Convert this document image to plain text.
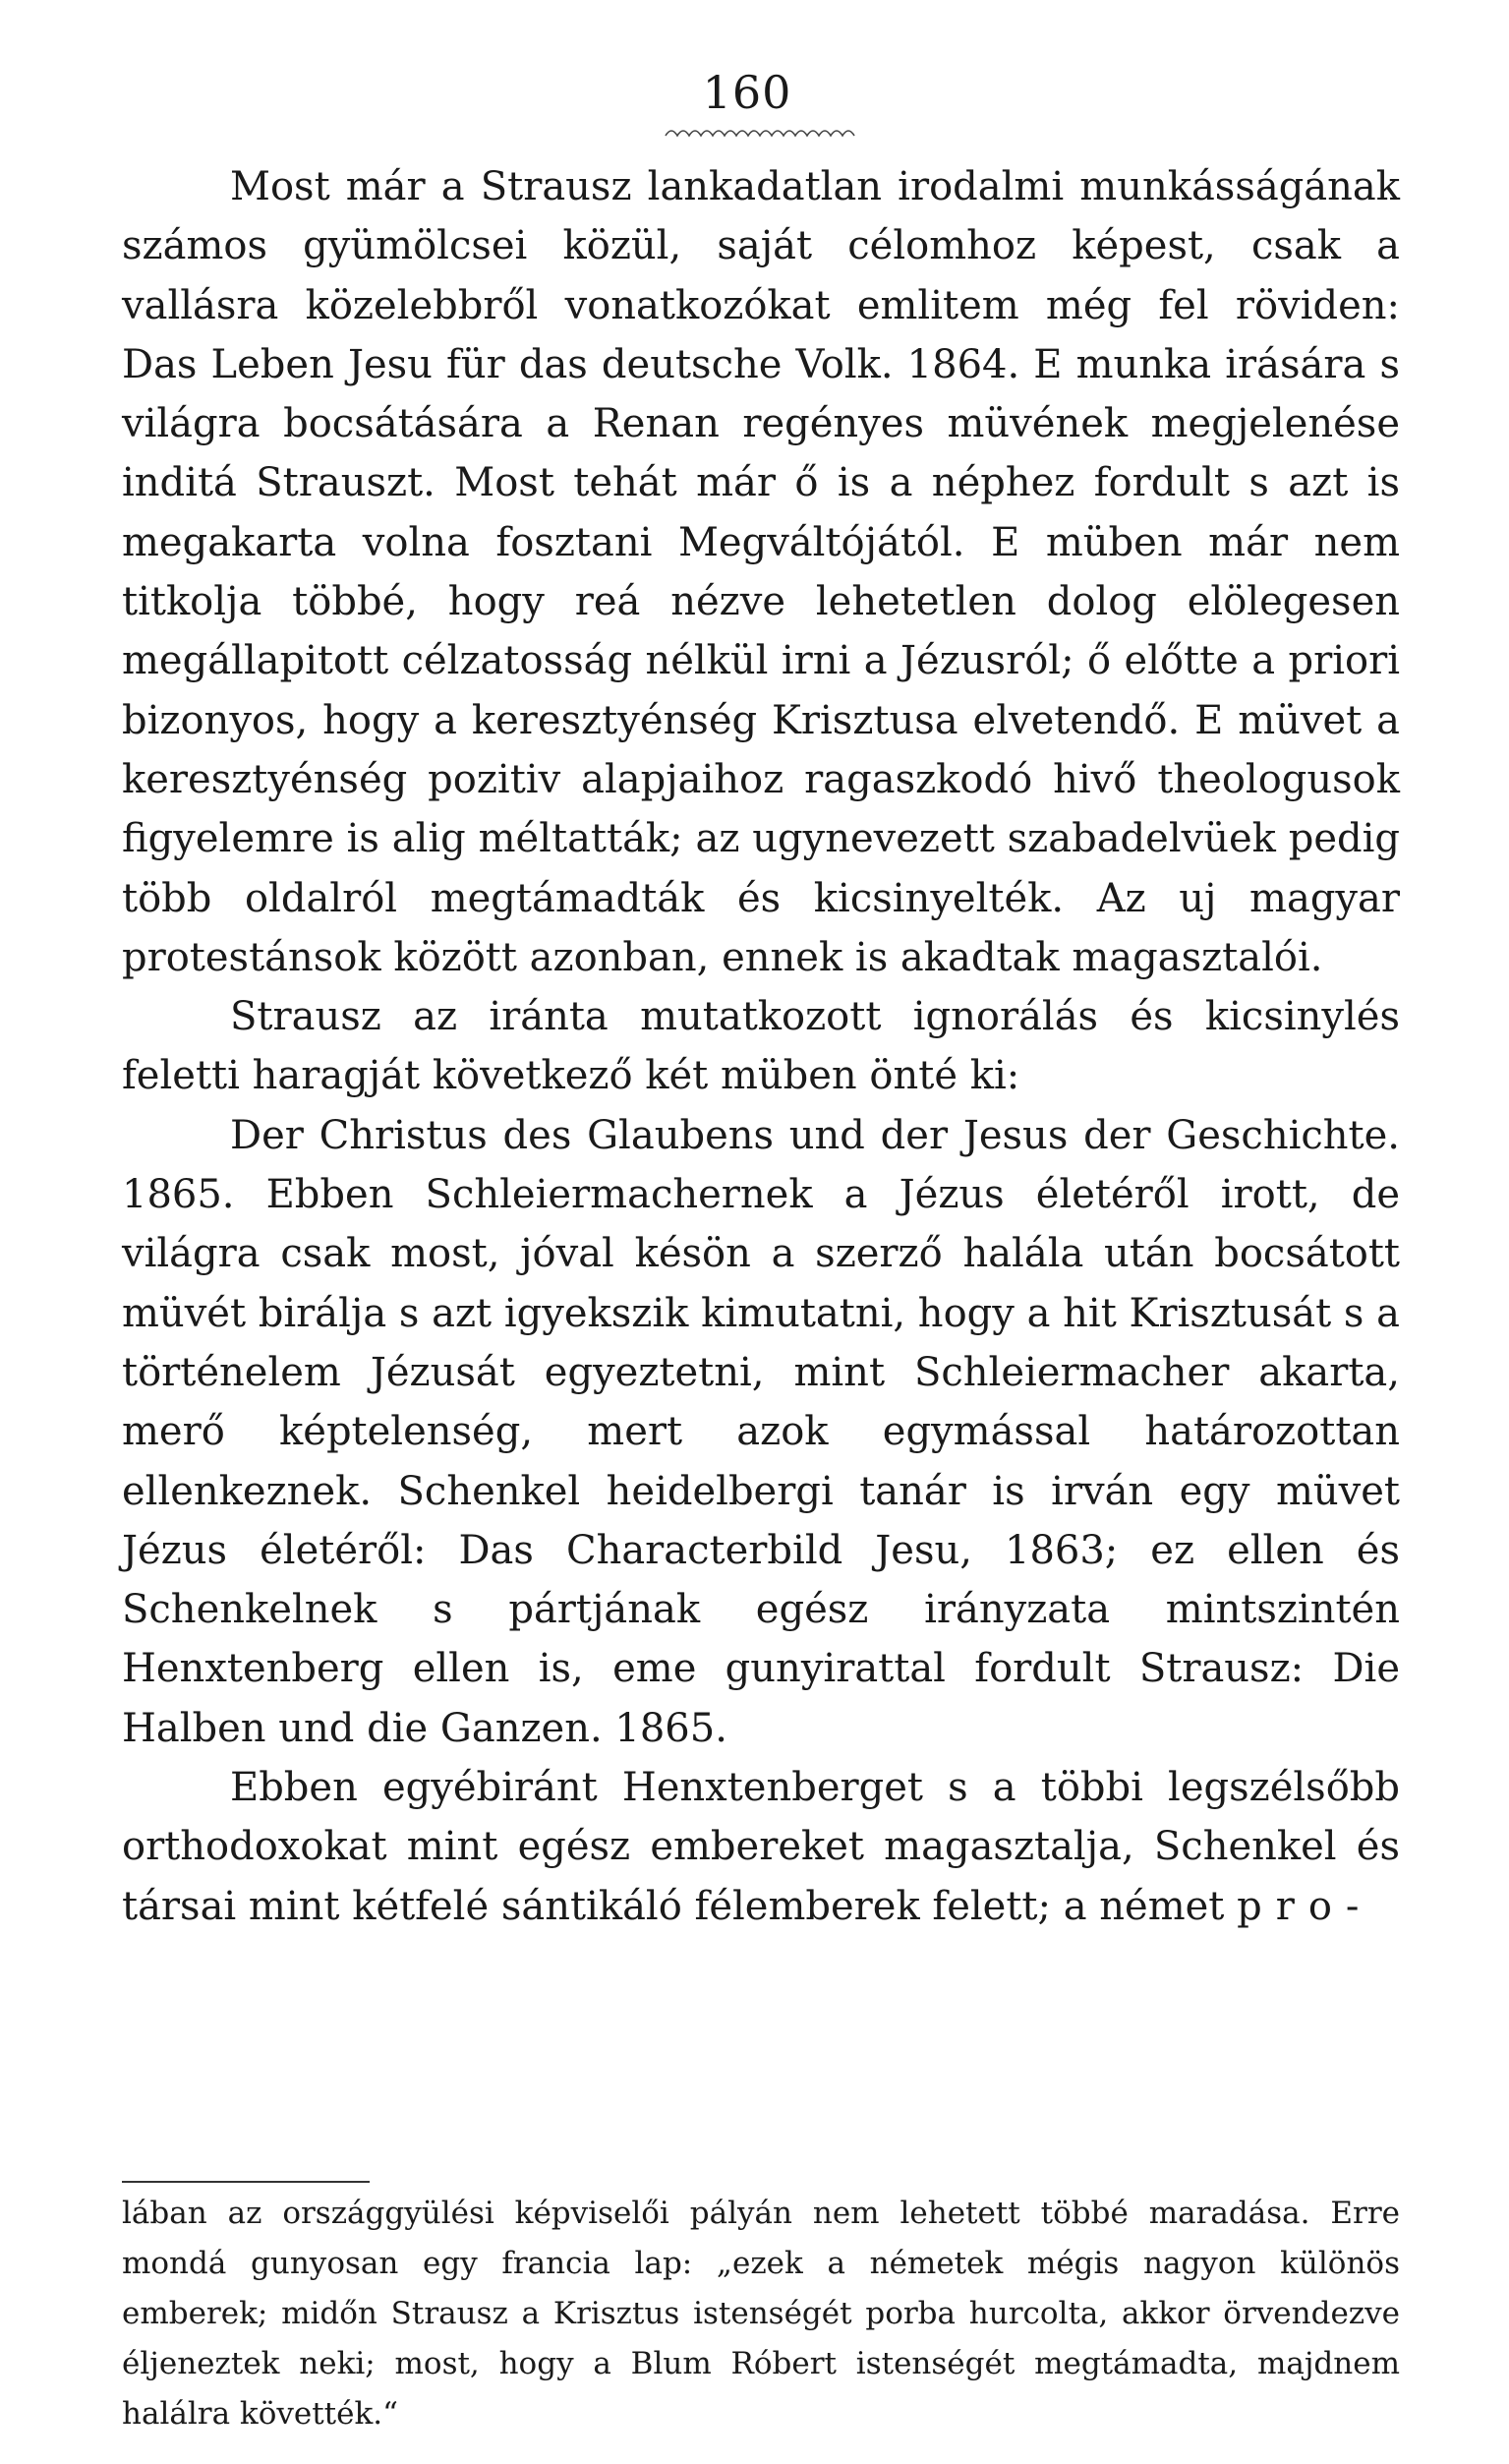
160

Most már a Strausz lankadatlan irodalmi munkásságának számos gyümölcsei közül, saját célomhoz képest, csak a vallásra közelebbről vonatkozókat emlitem még fel röviden: Das Leben Jesu für das deutsche Volk. 1864. E munka irására s világra bocsátására a Renan regényes müvének megjelenése inditá Strauszt. Most tehát már ő is a néphez fordult s azt is megakarta volna fosztani Megváltójától. E müben már nem titkolja többé, hogy reá nézve lehetetlen dolog elölegesen megállapitott célzatosság nélkül irni a Jézusról; ő előtte a priori bizonyos, hogy a keresztyénség Krisztusa elvetendő. E müvet a keresztyénség pozitiv alapjaihoz ragaszkodó hivő theologusok figyelemre is alig méltatták; az ugynevezett szabadelvüek pedig több oldalról megtámadták és kicsinyelték. Az uj magyar protestánsok között azonban, ennek is akadtak magasztalói.

Strausz az iránta mutatkozott ignorálás és kicsinylés feletti haragját következő két müben önté ki:

Der Christus des Glaubens und der Jesus der Geschichte. 1865. Ebben Schleiermachernek a Jézus életéről irott, de világra csak most, jóval késön a szerző halála után bocsátott müvét birálja s azt igyekszik kimutatni, hogy a hit Krisztusát s a történelem Jézusát egyeztetni, mint Schleiermacher akarta, merő képtelenség, mert azok egymással határozottan ellenkeznek. Schenkel heidelbergi tanár is irván egy müvet Jézus életéről: Das Characterbild Jesu, 1863; ez ellen és Schenkelnek s pártjának egész irányzata mintszintén Henxtenberg ellen is, eme gunyirattal fordult Strausz: Die Halben und die Ganzen. 1865.

Ebben egyébiránt Henxtenberget s a többi legszélsőbb orthodoxokat mint egész embereket magasztalja, Schenkel és társai mint kétfelé sántikáló félemberek felett; a német pro-

lában az országgyülési képviselői pályán nem lehetett többé maradása. Erre mondá gunyosan egy francia lap: „ezek a németek mégis nagyon különös emberek; midőn Strausz a Krisztus istenségét porba hurcolta, akkor örvendezve éljeneztek neki; most, hogy a Blum Róbert istenségét megtámadta, majdnem halálra követték.“
